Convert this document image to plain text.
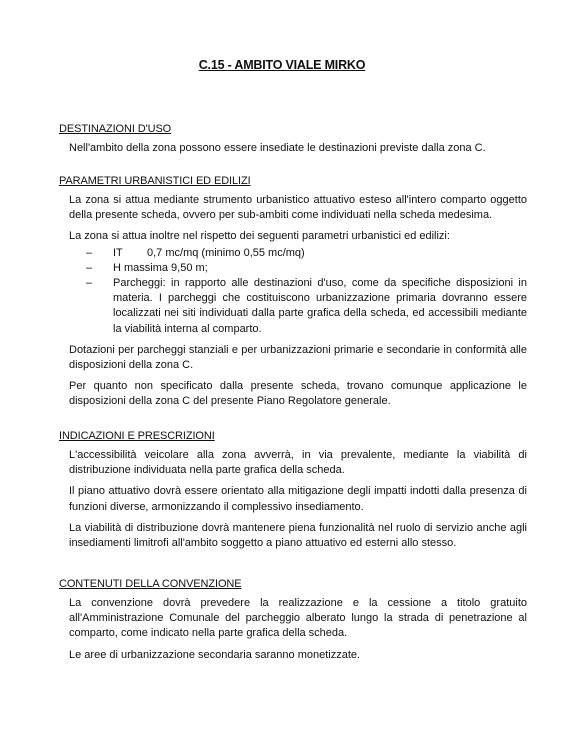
C.15 - AMBITO VIALE MIRKO
DESTINAZIONI D'USO

Nell'ambito della zona possono essere insediate le destinazioni previste dalla zona C.

PARAMETRI URBANISTICI ED EDILIZI

La zona si attua mediante strumento urbanistico attuativo esteso all'intero comparto oggetto della presente scheda, ovvero per sub-ambiti come individuati nella scheda medesima.

La zona si attua inoltre nel rispetto dei seguenti parametri urbanistici ed edilizi:

– IT 0,7 mc/mq (minimo 0,55 mc/mq)
– H massima 9,50 m;
– Parcheggi: in rapporto alle destinazioni d'uso, come da specifiche disposizioni in materia. I parcheggi che costituiscono urbanizzazione primaria dovranno essere localizzati nei siti individuati dalla parte grafica della scheda, ed accessibili mediante la viabilità interna al comparto.

Dotazioni per parcheggi stanziali e per urbanizzazioni primarie e secondarie in conformità alle disposizioni della zona C.

Per quanto non specificato dalla presente scheda, trovano comunque applicazione le disposizioni della zona C del presente Piano Regolatore generale.

INDICAZIONI E PRESCRIZIONI

L'accessibilità veicolare alla zona avverrà, in via prevalente, mediante la viabilità di distribuzione individuata nella parte grafica della scheda.

Il piano attuativo dovrà essere orientato alla mitigazione degli impatti indotti dalla presenza di funzioni diverse, armonizzando il complessivo insediamento.

La viabilità di distribuzione dovrà mantenere piena funzionalità nel ruolo di servizio anche agli insediamenti limitrofi all'ambito soggetto a piano attuativo ed esterni allo stesso.

CONTENUTI DELLA CONVENZIONE

La convenzione dovrà prevedere la realizzazione e la cessione a titolo gratuito all'Amministrazione Comunale del parcheggio alberato lungo la strada di penetrazione al comparto, come indicato nella parte grafica della scheda.

Le aree di urbanizzazione secondaria saranno monetizzate.
